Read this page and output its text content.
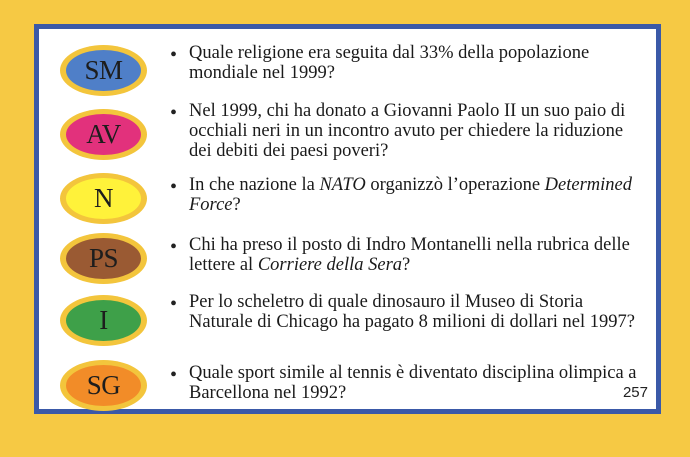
SM	• Quale religione era seguita dal 33% della popolazione mondiale nel 1999?

AV
• Nel 1999, chi ha donato a Giovanni Paolo II un suo paio di occhiali neri in un incontro avuto per chiedere la riduzione dei debiti dei paesi poveri?

N	• In che nazione la NATO organizzò l’operazione Determined Force?

PS	• Chi ha preso il posto di Indro Montanelli nella rubrica delle lettere al Corriere della Sera?

I
• Per lo scheletro di quale dinosauro il Museo di Storia Naturale di Chicago ha pagato 8 milioni di dollari nel 1997?

SG	• Quale sport simile al tennis è diventato disciplina olimpica a Barcellona nel 1992?	257
